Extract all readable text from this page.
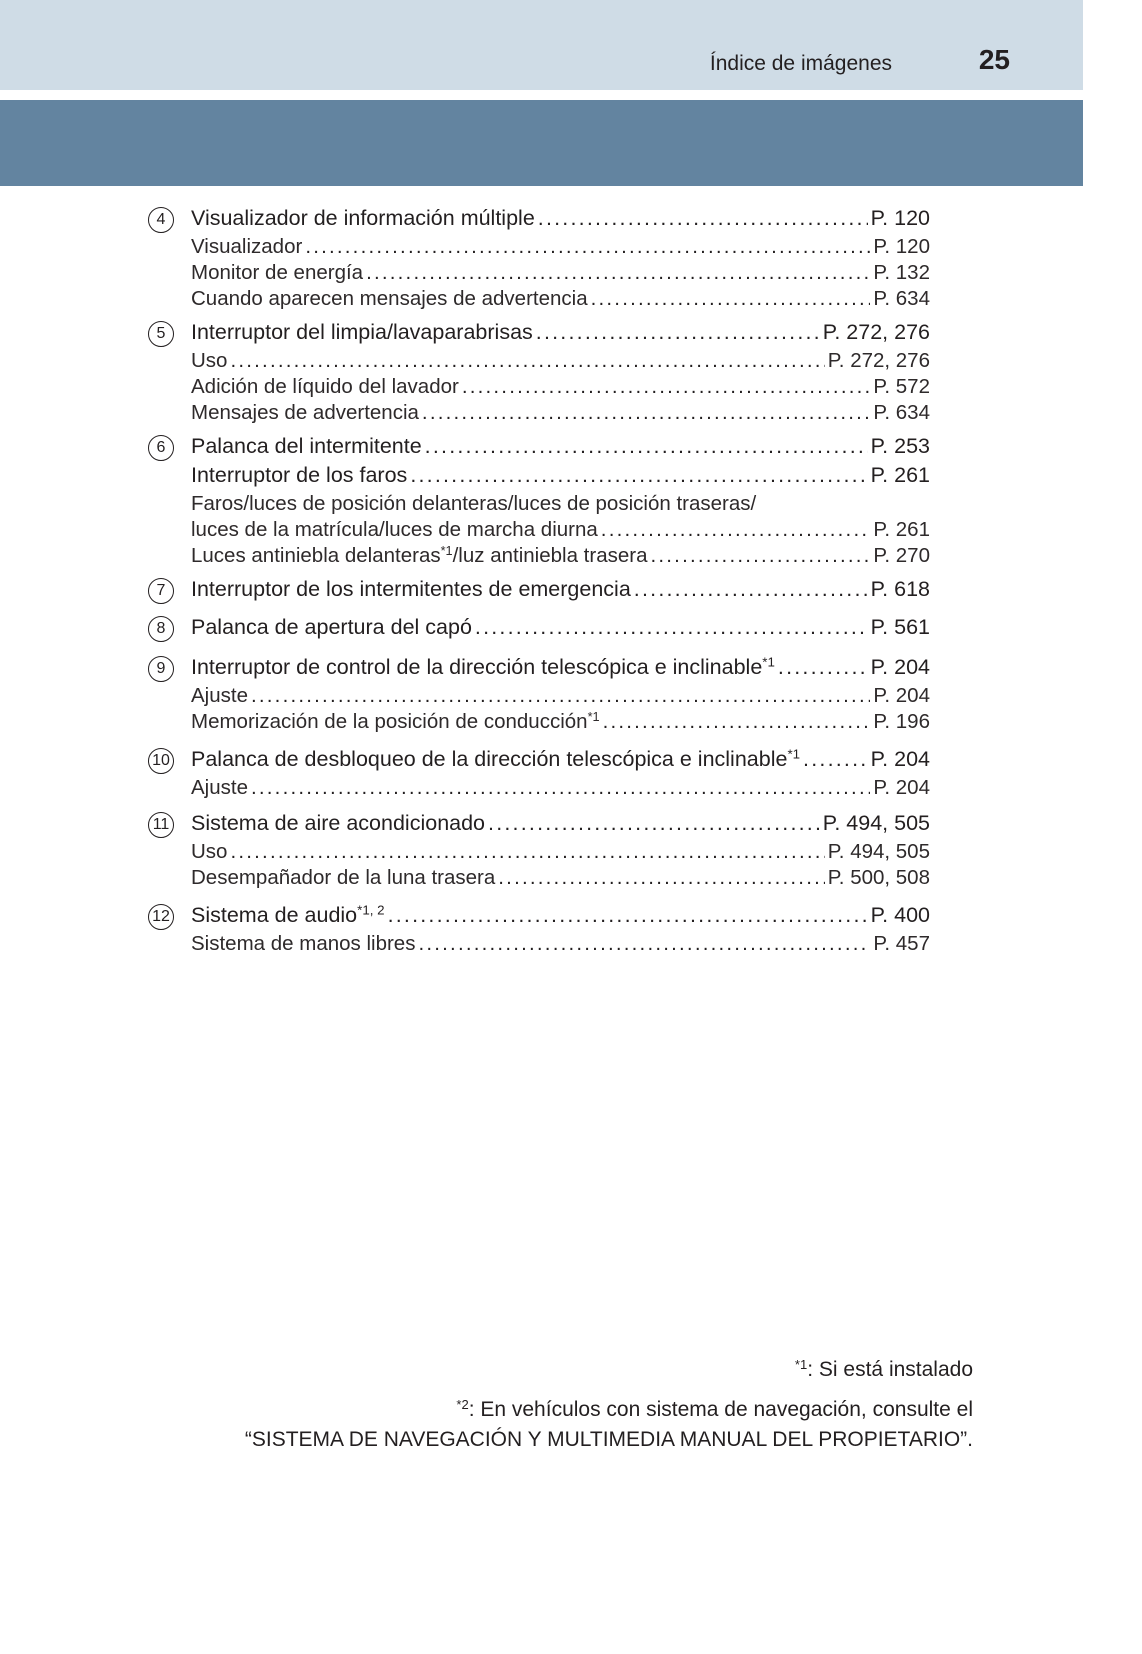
Índice de imágenes	25
4	Visualizador de información múltiple .....	P. 120
Visualizador .....	P. 120
Monitor de energía .....	P. 132
Cuando aparecen mensajes de advertencia .....	P. 634
5	Interruptor del limpia/lavaparabrisas .....	P. 272, 276
Uso .....	P. 272, 276
Adición de líquido del lavador .....	P. 572
Mensajes de advertencia .....	P. 634
6	Palanca del intermitente .....	P. 253
Interruptor de los faros .....	P. 261
Faros/luces de posición delanteras/luces de posición traseras/
luces de la matrícula/luces de marcha diurna .....	P. 261
Luces antiniebla delanteras$^{*1}$/luz antiniebla trasera .....	P. 270
7	Interruptor de los intermitentes de emergencia .....	P. 618
8	Palanca de apertura del capó .....	P. 561
9	Interruptor de control de la dirección telescópica e inclinable$^{*1}$ .....	P. 204
Ajuste .....	P. 204
Memorización de la posición de conducción$^{*1}$ .....	P. 196
10 Palanca de desbloqueo de la dirección telescópica e inclinable$^{*1}$ .....	P. 204
Ajuste .....	P. 204
11	Sistema de aire acondicionado .....	P. 494, 505
Uso .....	P. 494, 505
Desempañador de la luna trasera .....	P. 500, 508
12 Sistema de audio$^{*1, 2}$ .....	P. 400
Sistema de manos libres .....	P. 457
$^{*1}$: Si está instalado
$^{*2}$: En vehículos con sistema de navegación, consulte el
“SISTEMA DE NAVEGACIÓN Y MULTIMEDIA MANUAL DEL PROPIETARIO”.
